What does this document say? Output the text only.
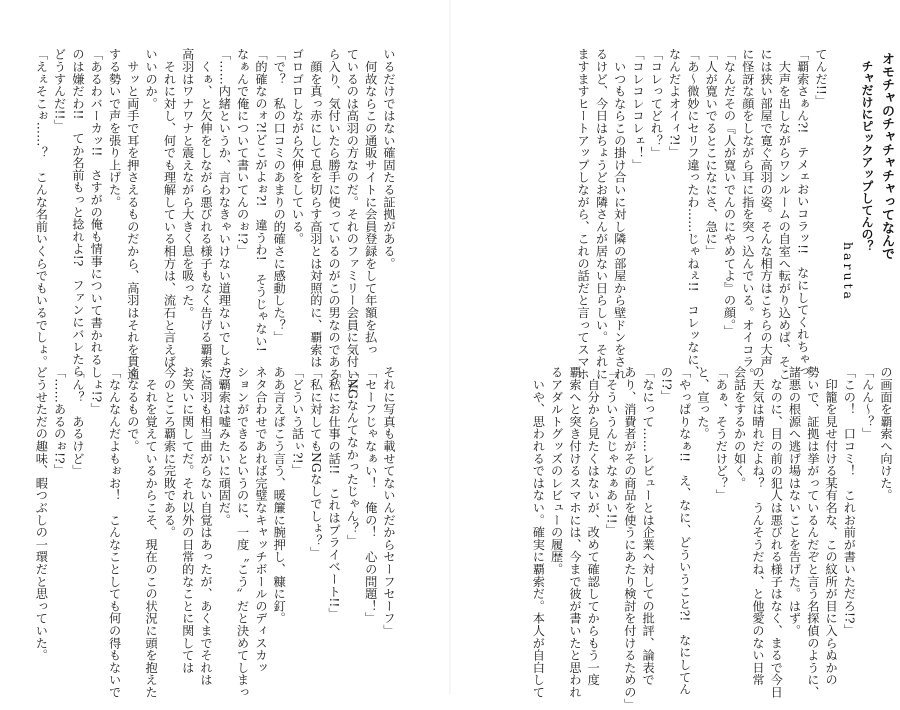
オモチャのチャチャチャってなんで

チャだけにピックアップしてんの？

haruta

てんだ!!」
「覇索さぁん?!　テメェおいコラッ!!　なにしてくれちゃっ
　大声を出しながらワンルームの自室へ転がり込めば、そこ
には狭い部屋で寛ぐ高羽の姿。そんな相方はこちらの大声
に怪訝な顔をしながら耳に指を突っ込んでいる。オイコラ。
「なんだその『人が寛いでんのにやめてよ』の顔。」
「人が寛いでるとこになにさ、急に」
「あ～微妙にセリフ違ったわ……じゃねぇ!!　コレッなに、
なんだよオイィ?!」
「コレってどれ？」
「コレコレコレェ！」
　いつもならこの掛け合いに対し隣の部屋から壁ドンをされ
るけど、今日はちょうどお隣さんが居ない日らしい。それに
ますますヒートアップしながら、これの話だと言ってスマホ
の画面を覇索へ向けた。
「んん～？」
「この！　口コミ！　これお前が書いただろ!?」
　印籠を見せ付ける某有名な、この紋所が目に入らぬかの
勢いで、証拠は挙がっているんだぞと言う名探偵のように、
諸悪の根源へ逃げ場はないことを告げた。はず。
　なのに、目の前の犯人は悪びれる様子はなく、まるで今日
の天気は晴れだよね？　うんそうだね、と他愛のない日常
会話をするかの如く。
「あぁ、そうだけど？」
と、宣った。
「やっぱりなぁ!!　え、なに、どういうこと?!　なにしてん
の!?」
「なにって……レビューとは企業へ対しての批評、論表で
あり、消費者がその商品を使うにあたり検討を付けるための」
「そういうんじゃなぁあい!!」
　自分から見たくはないが、改めて確認してからもう一度
覇索へと突き付けるスマホには、今まで彼が書いたと思われ
るアダルトグッズのレビューの履歴。
　いや、思われるではない。確実に覇索だ。本人が自白して
いるだけではない確固たる証拠がある。
　何故ならこの通販サイトに会員登録をして年額を払っ
ているのは高羽の方なのだ。それのファミリー会員に気付いた
ら入り、気付いたら勝手に使っているのがこの男なのである。
　顔を真っ赤にして息を切らす高羽とは対照的に、覇索は
ゴロゴロしながら欠伸をしている。
「で？　私の口コミのあまりの的確さに感動した？」
「的確なのォ?!どこがよぉ?!　違うわ!　そうじゃない!
なぁんで俺について書いてんのぉ!?」
「……内緒というか、言わなきゃいけない道理ないでしょ？」
　くぁ、と欠伸をしながら悪びれる様子もなく告げる覇索に、
高羽はワナワナと震えながら大きく息を吸った。
　それに対し、何でも理解している相方は、流石と言えば
いいのか。
　サッと両手で耳を押さえるものだから、高羽はそれを貫通
する勢いで声を張り上げた。
「あるわバーカッ!!　さすがの俺も情事について書かれる
のは嫌だわ!!　てか名前もっと捻れよ!?　ファンにバレたら
どうすんだ!!」
「えぇそこぉ……？　こんな名前いくらでもいるでしょ。
それに写真も載せてないんだからセーフセーフ」
「セーフじゃなぁい！　俺の！　心の問題！」
「NGなんてなかったじゃん？」
「私にお仕事の話!!　これはプライベート!!」
「私に対してもNGなしでしょ？」
「どういう話ぃ?!」
ああ言えばこう言う、暖簾に腕押し、糠に釘。
ネタ合わせであれば完璧なキャッチボールのディスカッ
ションができるというのに、一度〝こう〟だと決めてしまっ
た覇索は嘘みたいに頑固だ。
　高羽も相当曲がらない自覚はあったが、あくまでそれは
お笑いに関してだ。それ以外の日常的なことに関しては
今のところ覇索に完敗である。
　それを覚えているからこそ、現在のこの状況に頭を抱えた
くなるもので。
「なんなんだよもぉお！　こんなことしても何の得もないで
しょ!?」
「ん？　あるけど」
「……あるのぉ!?」
どうせただの趣味、暇つぶしの一環だと思っていた。
